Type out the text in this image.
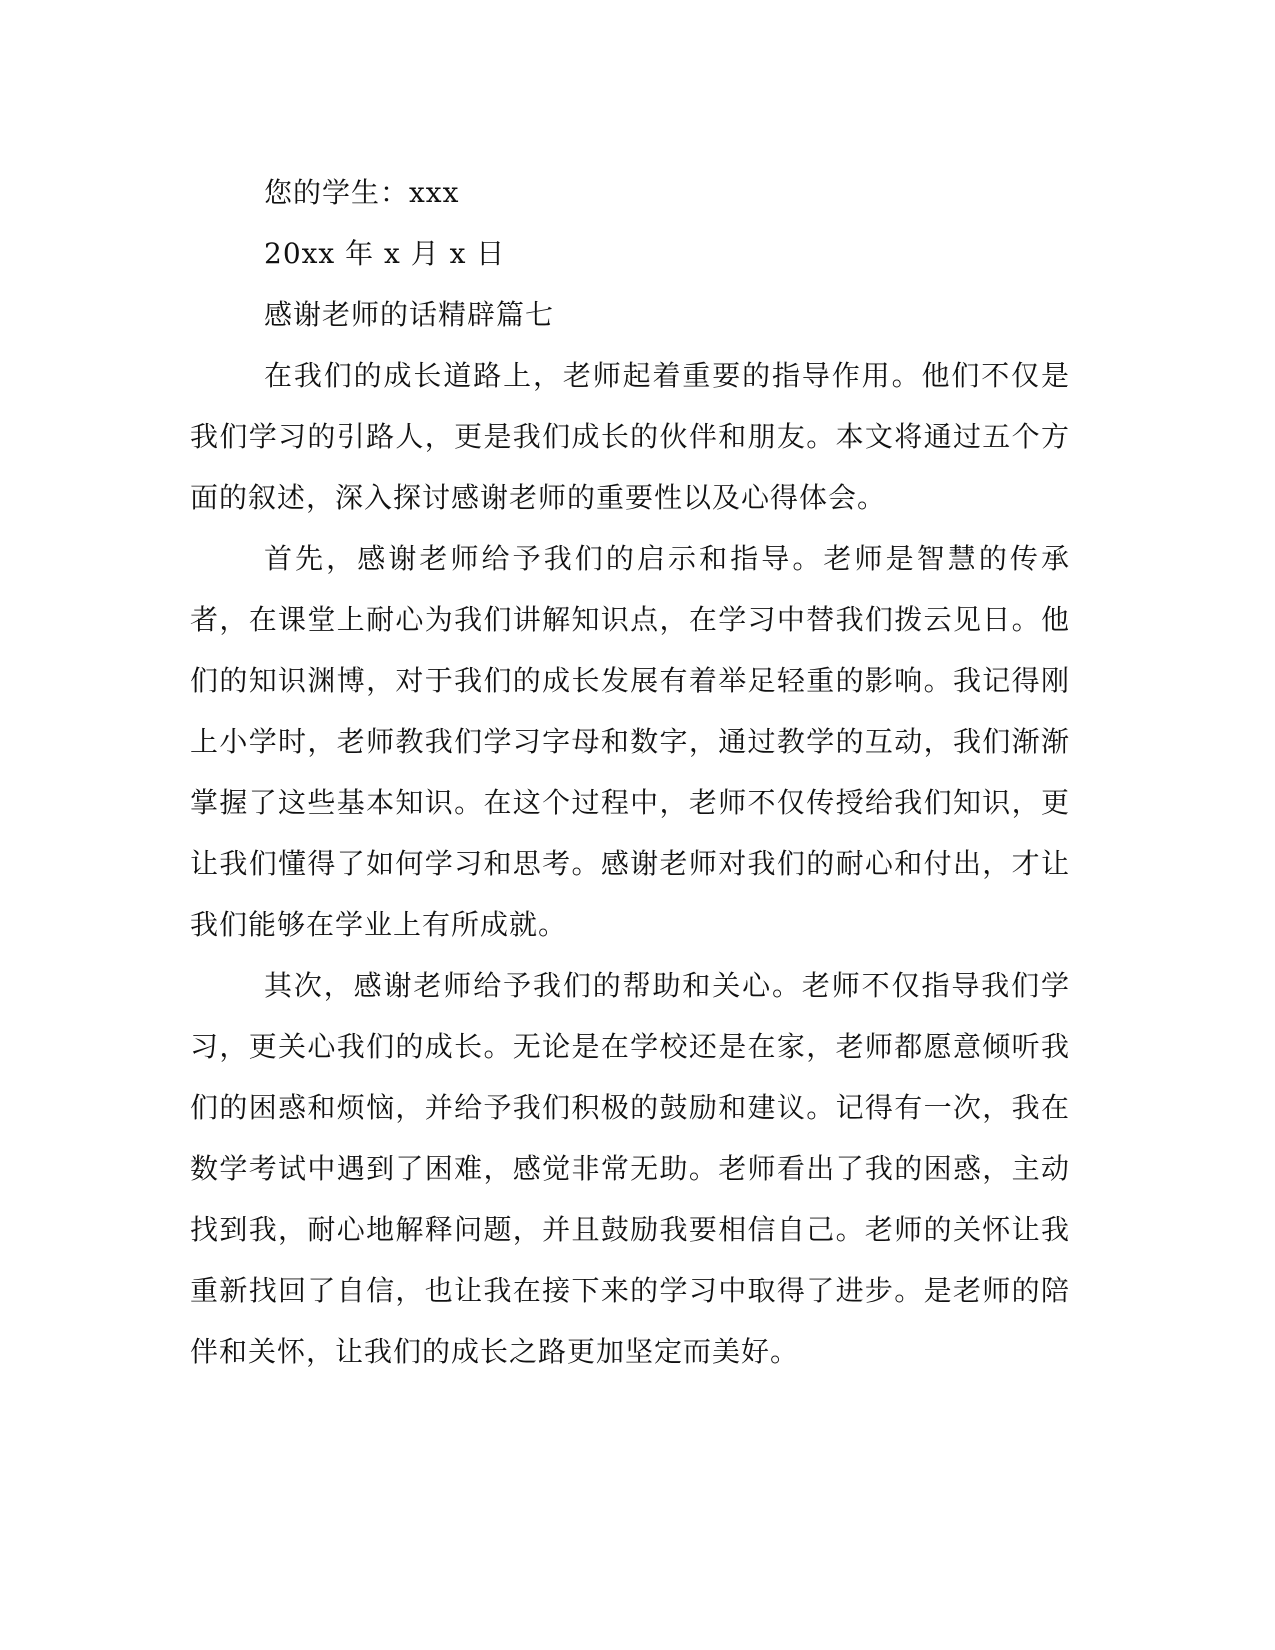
您的学生：xxx

20xx 年 x 月 x 日

感谢老师的话精辟篇七

在我们的成长道路上，老师起着重要的指导作用。他们不仅是我们学习的引路人，更是我们成长的伙伴和朋友。本文将通过五个方面的叙述，深入探讨感谢老师的重要性以及心得体会。

首先，感谢老师给予我们的启示和指导。老师是智慧的传承者，在课堂上耐心为我们讲解知识点，在学习中替我们拨云见日。他们的知识渊博，对于我们的成长发展有着举足轻重的影响。我记得刚上小学时，老师教我们学习字母和数字，通过教学的互动，我们渐渐掌握了这些基本知识。在这个过程中，老师不仅传授给我们知识，更让我们懂得了如何学习和思考。感谢老师对我们的耐心和付出，才让我们能够在学业上有所成就。

其次，感谢老师给予我们的帮助和关心。老师不仅指导我们学习，更关心我们的成长。无论是在学校还是在家，老师都愿意倾听我们的困惑和烦恼，并给予我们积极的鼓励和建议。记得有一次，我在数学考试中遇到了困难，感觉非常无助。老师看出了我的困惑，主动找到我，耐心地解释问题，并且鼓励我要相信自己。老师的关怀让我重新找回了自信，也让我在接下来的学习中取得了进步。是老师的陪伴和关怀，让我们的成长之路更加坚定而美好。
